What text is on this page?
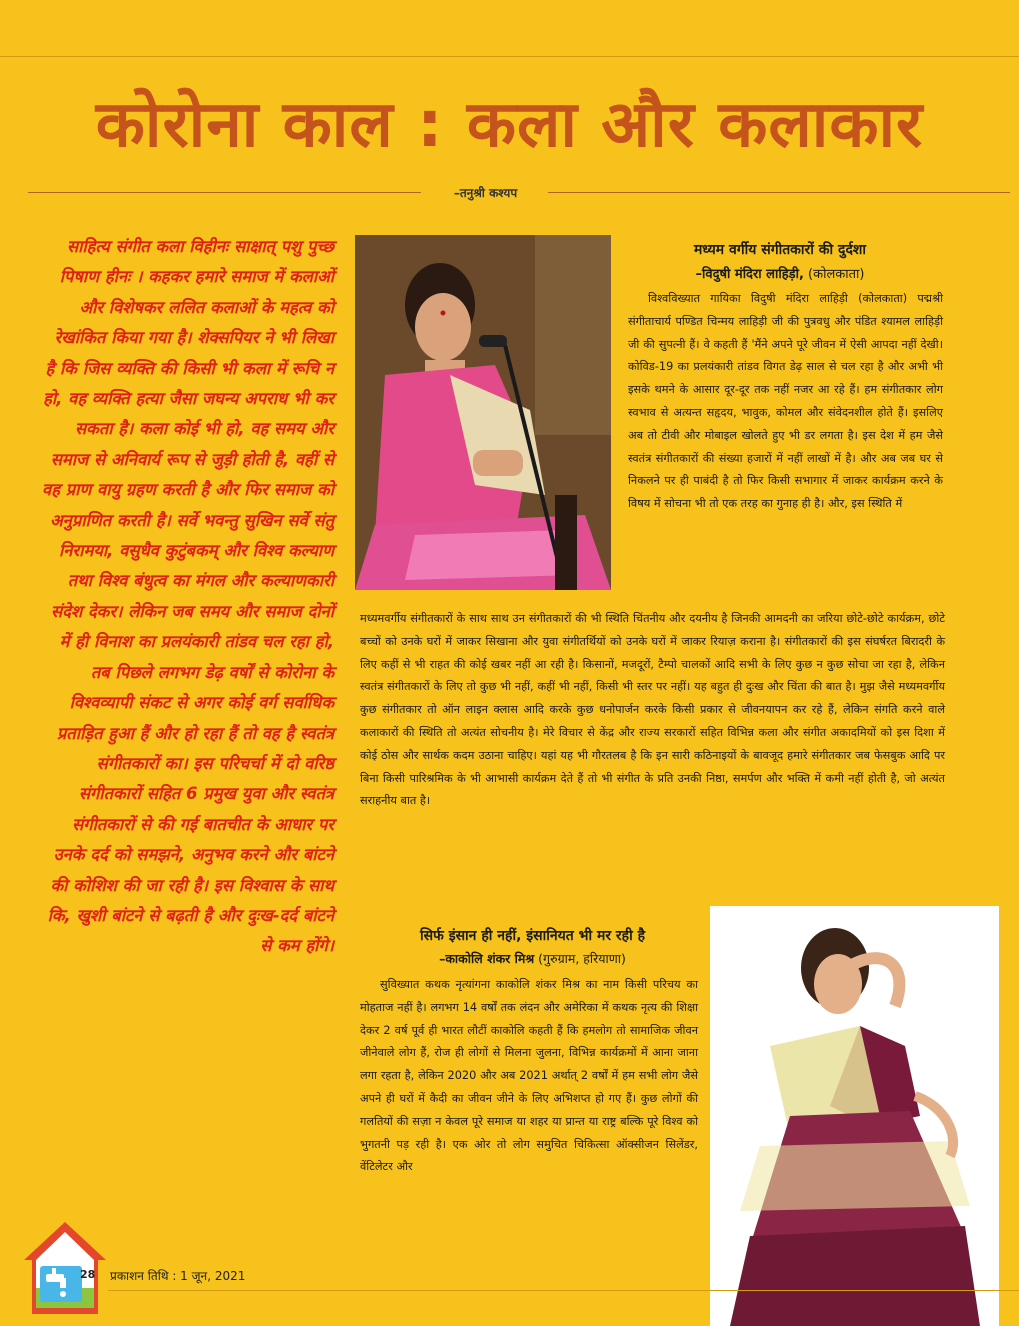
कोरोना काल : कला और कलाकार
–तनुश्री कश्यप
साहित्य संगीत कला विहीनः साक्षात् पशु पुच्छ पिषाण हीनः । कहकर हमारे समाज में कलाओं और विशेषकर ललित कलाओं के महत्व को रेखांकित किया गया है। शेक्सपियर ने भी लिखा है कि जिस व्यक्ति की किसी भी कला में रूचि न हो, वह व्यक्ति हत्या जैसा जघन्य अपराध भी कर सकता है। कला कोई भी हो, वह समय और समाज से अनिवार्य रूप से जुड़ी होती है, वहीं से वह प्राण वायु ग्रहण करती है और फिर समाज को अनुप्राणित करती है। सर्वे भवन्तु सुखिन सर्वे संतु निरामया, वसुधैव कुटुंबकम् और विश्व कल्याण तथा विश्व बंधुत्व का मंगल और कल्याणकारी संदेश देकर। लेकिन जब समय और समाज दोनों में ही विनाश का प्रलयंकारी तांडव चल रहा हो, तब पिछले लगभग डेढ़ वर्षों से कोरोना के विश्वव्यापी संकट से अगर कोई वर्ग सर्वाधिक प्रताड़ित हुआ हैं और हो रहा हैं तो वह है स्वतंत्र संगीतकारों का। इस परिचर्चा में दो वरिष्ठ संगीतकारों सहित 6 प्रमुख युवा और स्वतंत्र संगीतकारों से की गई बातचीत के आधार पर उनके दर्द को समझने, अनुभव करने और बांटने की कोशिश की जा रही है। इस विश्वास के साथ कि, खुशी बांटने से बढ़ती है और दुःख-दर्द बांटने से कम होंगे।
मध्यम वर्गीय संगीतकारों की दुर्दशा
–विदुषी मंदिरा लाहिड़ी, (कोलकाता)
विश्वविख्यात गायिका विदुषी मंदिरा लाहिड़ी (कोलकाता) पद्मश्री संगीताचार्य पण्डित चिन्मय लाहिड़ी जी की पुत्रवधु और पंडित श्यामल लाहिड़ी जी की सुपत्नी हैं। वे कहती हैं 'मैंने अपने पूरे जीवन में ऐसी आपदा नहीं देखी। कोविड-19 का प्रलयंकारी तांडव विगत डेढ़ साल से चल रहा है और अभी भी इसके थमने के आसार दूर-दूर तक नहीं नजर आ रहे हैं। हम संगीतकार लोग स्वभाव से अत्यन्त सहृदय, भावुक, कोमल और संवेदनशील होते हैं। इसलिए अब तो टीवी और मोबाइल खोलते हुए भी डर लगता है। इस देश में हम जैसे स्वतंत्र संगीतकारों की संख्या हजारों में नहीं लाखों में है। और अब जब घर से निकलने पर ही पाबंदी है तो फिर किसी सभागार में जाकर कार्यक्रम करने के विषय में सोचना भी तो एक तरह का गुनाह ही है। और, इस स्थिति में
मध्यमवर्गीय संगीतकारों के साथ साथ उन संगीतकारों की भी स्थिति चिंतनीय और दयनीय है जिनकी आमदनी का जरिया छोटे-छोटे कार्यक्रम, छोटे बच्चों को उनके घरों में जाकर सिखाना और युवा संगीतर्थियों को उनके घरों में जाकर रियाज़ कराना है। संगीतकारों की इस संघर्षरत बिरादरी के लिए कहीं से भी राहत की कोई खबर नहीं आ रही है। किसानों, मजदूरों, टैम्पो चालकों आदि सभी के लिए कुछ न कुछ सोचा जा रहा है, लेकिन स्वतंत्र संगीतकारों के लिए तो कुछ भी नहीं, कहीं भी नहीं, किसी भी स्तर पर नहीं। यह बहुत ही दुःख और चिंता की बात है। मुझ जैसे मध्यमवर्गीय कुछ संगीतकार तो ऑन लाइन क्लास आदि करके कुछ धनोपार्जन करके किसी प्रकार से जीवनयापन कर रहे हैं, लेकिन संगति करने वाले कलाकारों की स्थिति तो अत्यंत सोचनीय है। मेरे विचार से केंद्र और राज्य सरकारों सहित विभिन्न कला और संगीत अकादमियों को इस दिशा में कोई ठोस और सार्थक कदम उठाना चाहिए। यहां यह भी गौरतलब है कि इन सारी कठिनाइयों के बावजूद हमारे संगीतकार जब फेसबुक आदि पर बिना किसी पारिश्रमिक के भी आभासी कार्यक्रम देते हैं तो भी संगीत के प्रति उनकी निष्ठा, समर्पण और भक्ति में कमी नहीं होती है, जो अत्यंत सराहनीय बात है।
सिर्फ इंसान ही नहीं, इंसानियत भी मर रही है
–काकोलि शंकर मिश्र (गुरुग्राम, हरियाणा)
सुविख्यात कथक नृत्यांगना काकोलि शंकर मिश्र का नाम किसी परिचय का मोहताज नहीं है। लगभग 14 वर्षों तक लंदन और अमेरिका में कथक नृत्य की शिक्षा देकर 2 वर्ष पूर्व ही भारत लौटीं काकोलि कहती हैं कि हमलोग तो सामाजिक जीवन जीनेवाले लोग हैं, रोज ही लोगों से मिलना जुलना, विभिन्न कार्यक्रमों में आना जाना लगा रहता है, लेकिन 2020 और अब 2021 अर्थात् 2 वर्षों में हम सभी लोग जैसे अपने ही घरों में कैदी का जीवन जीने के लिए अभिशप्त हो गए हैं। कुछ लोगों की गलतियों की सज़ा न केवल पूरे समाज या शहर या प्रान्त या राष्ट्र बल्कि पूरे विश्व को भुगतनी पड़ रही है। एक ओर तो लोग समुचित चिकित्सा ऑक्सीजन सिलेंडर, वेंटिलेटर और
28 प्रकाशन तिथि : 1 जून, 2021
